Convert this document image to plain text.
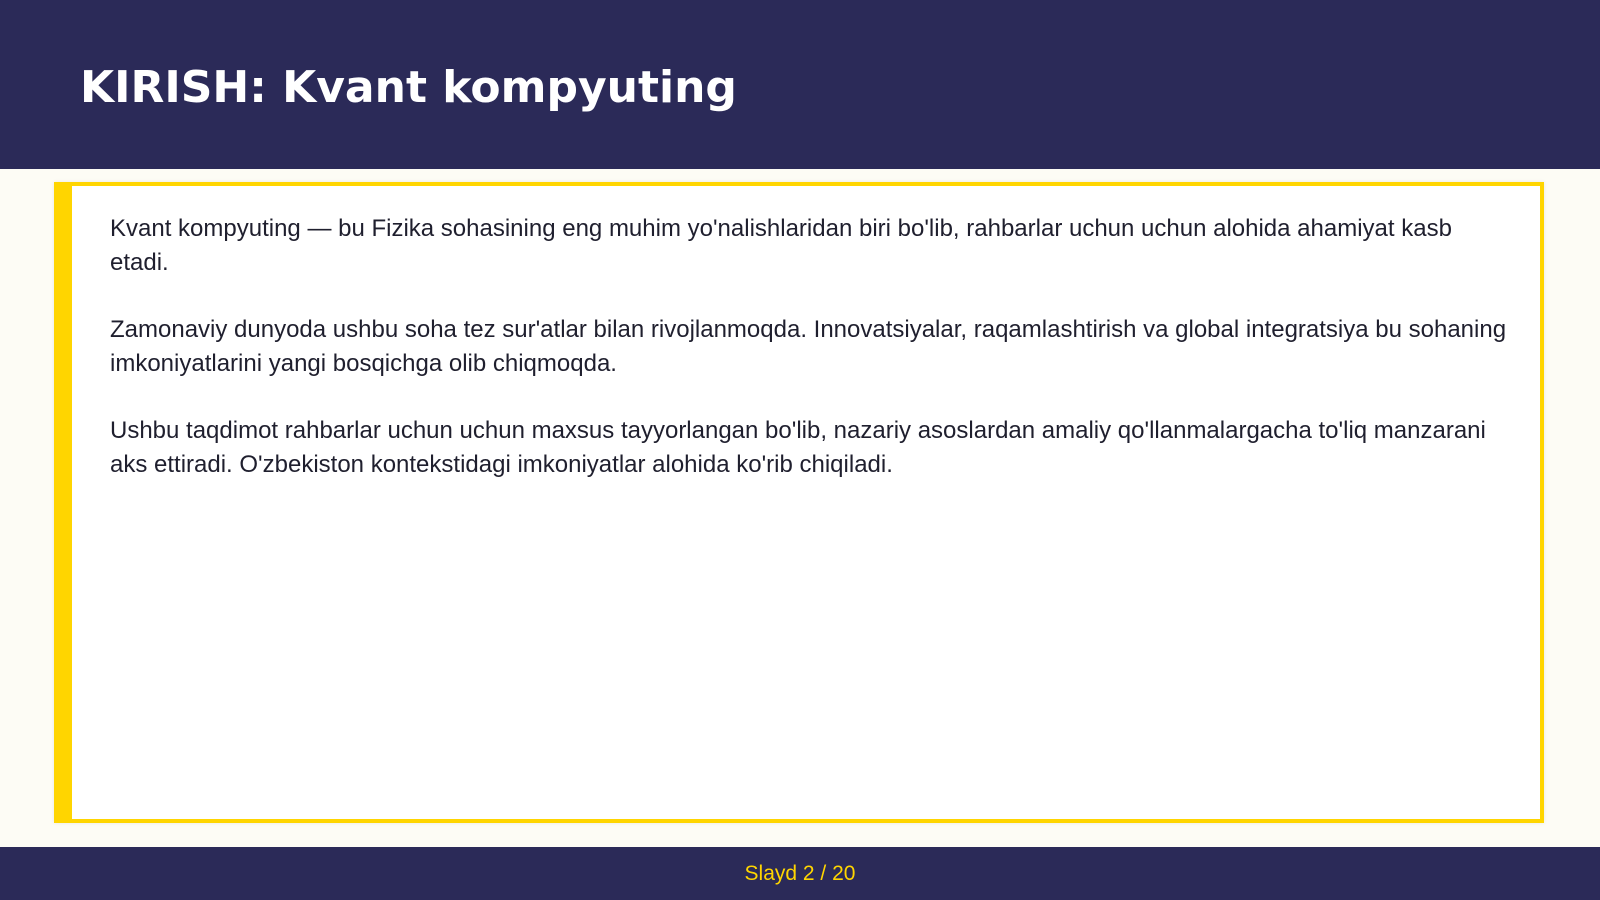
KIRISH: Kvant kompyuting

Kvant kompyuting — bu Fizika sohasining eng muhim yo'nalishlaridan biri bo'lib, rahbarlar uchun uchun alohida ahamiyat kasb etadi.

Zamonaviy dunyoda ushbu soha tez sur'atlar bilan rivojlanmoqda. Innovatsiyalar, raqamlashtirish va global integratsiya bu sohaning imkoniyatlarini yangi bosqichga olib chiqmoqda.

Ushbu taqdimot rahbarlar uchun uchun maxsus tayyorlangan bo'lib, nazariy asoslardan amaliy qo'llanmalargacha to'liq manzarani aks ettiradi. O'zbekiston kontekstidagi imkoniyatlar alohida ko'rib chiqiladi.

Slayd 2 / 20
